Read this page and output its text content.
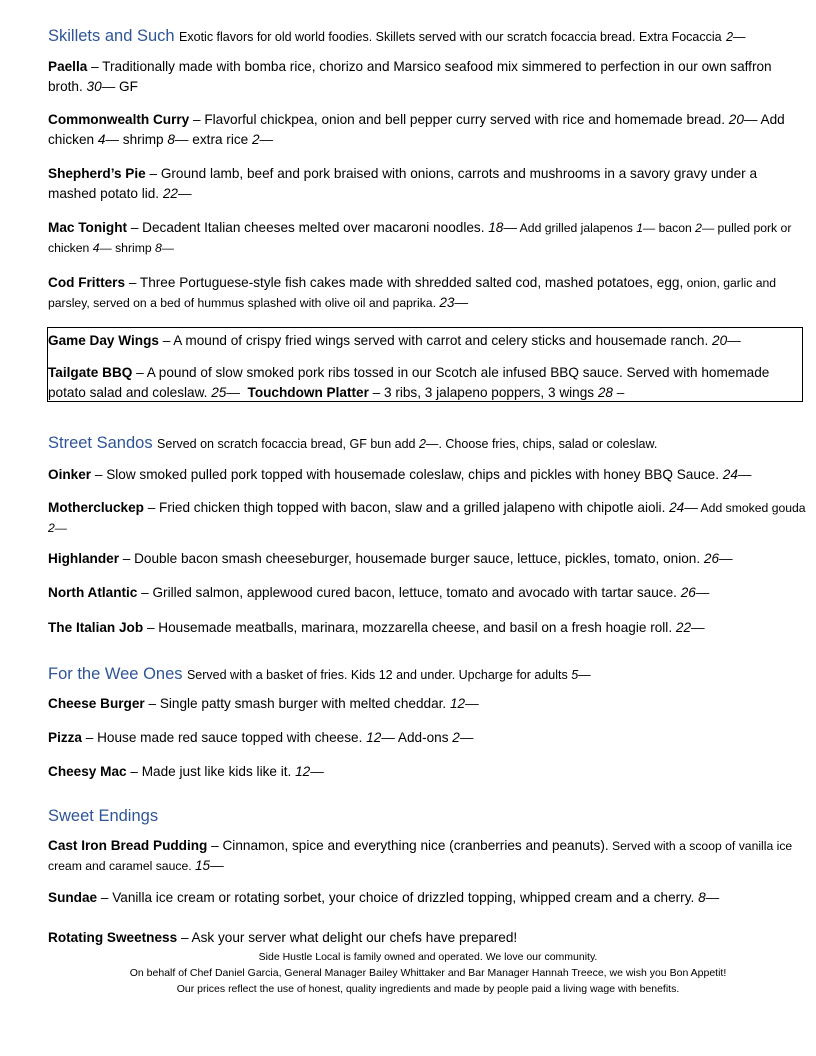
Skillets and Such Exotic flavors for old world foodies. Skillets served with our scratch focaccia bread. Extra Focaccia 2—
Paella – Traditionally made with bomba rice, chorizo and Marsico seafood mix simmered to perfection in our own saffron broth. 30— GF
Commonwealth Curry – Flavorful chickpea, onion and bell pepper curry served with rice and homemade bread. 20— Add chicken 4— shrimp 8— extra rice 2—
Shepherd’s Pie – Ground lamb, beef and pork braised with onions, carrots and mushrooms in a savory gravy under a mashed potato lid. 22—
Mac Tonight – Decadent Italian cheeses melted over macaroni noodles. 18— Add grilled jalapenos 1— bacon 2— pulled pork or chicken 4— shrimp 8—
Cod Fritters – Three Portuguese-style fish cakes made with shredded salted cod, mashed potatoes, egg, onion, garlic and parsley, served on a bed of hummus splashed with olive oil and paprika. 23—
Game Day Wings – A mound of crispy fried wings served with carrot and celery sticks and housemade ranch. 20—
Tailgate BBQ – A pound of slow smoked pork ribs tossed in our Scotch ale infused BBQ sauce. Served with homemade potato salad and coleslaw. 25— Touchdown Platter – 3 ribs, 3 jalapeno poppers, 3 wings 28 –
Street Sandos Served on scratch focaccia bread, GF bun add 2—. Choose fries, chips, salad or coleslaw.
Oinker – Slow smoked pulled pork topped with housemade coleslaw, chips and pickles with honey BBQ Sauce. 24—
Mothercluckер – Fried chicken thigh topped with bacon, slaw and a grilled jalapeno with chipotle aioli. 24— Add smoked gouda 2—
Highlander – Double bacon smash cheeseburger, housemade burger sauce, lettuce, pickles, tomato, onion. 26—
North Atlantic – Grilled salmon, applewood cured bacon, lettuce, tomato and avocado with tartar sauce. 26—
The Italian Job – Housemade meatballs, marinara, mozzarella cheese, and basil on a fresh hoagie roll. 22—
For the Wee Ones Served with a basket of fries. Kids 12 and under. Upcharge for adults 5—
Cheese Burger – Single patty smash burger with melted cheddar. 12—
Pizza – House made red sauce topped with cheese. 12— Add-ons 2—
Cheesy Mac – Made just like kids like it. 12—
Sweet Endings
Cast Iron Bread Pudding – Cinnamon, spice and everything nice (cranberries and peanuts). Served with a scoop of vanilla ice cream and caramel sauce. 15—
Sundae – Vanilla ice cream or rotating sorbet, your choice of drizzled topping, whipped cream and a cherry. 8—
Rotating Sweetness – Ask your server what delight our chefs have prepared!
Side Hustle Local is family owned and operated. We love our community.
On behalf of Chef Daniel Garcia, General Manager Bailey Whittaker and Bar Manager Hannah Treece, we wish you Bon Appetit!
Our prices reflect the use of honest, quality ingredients and made by people paid a living wage with benefits.
